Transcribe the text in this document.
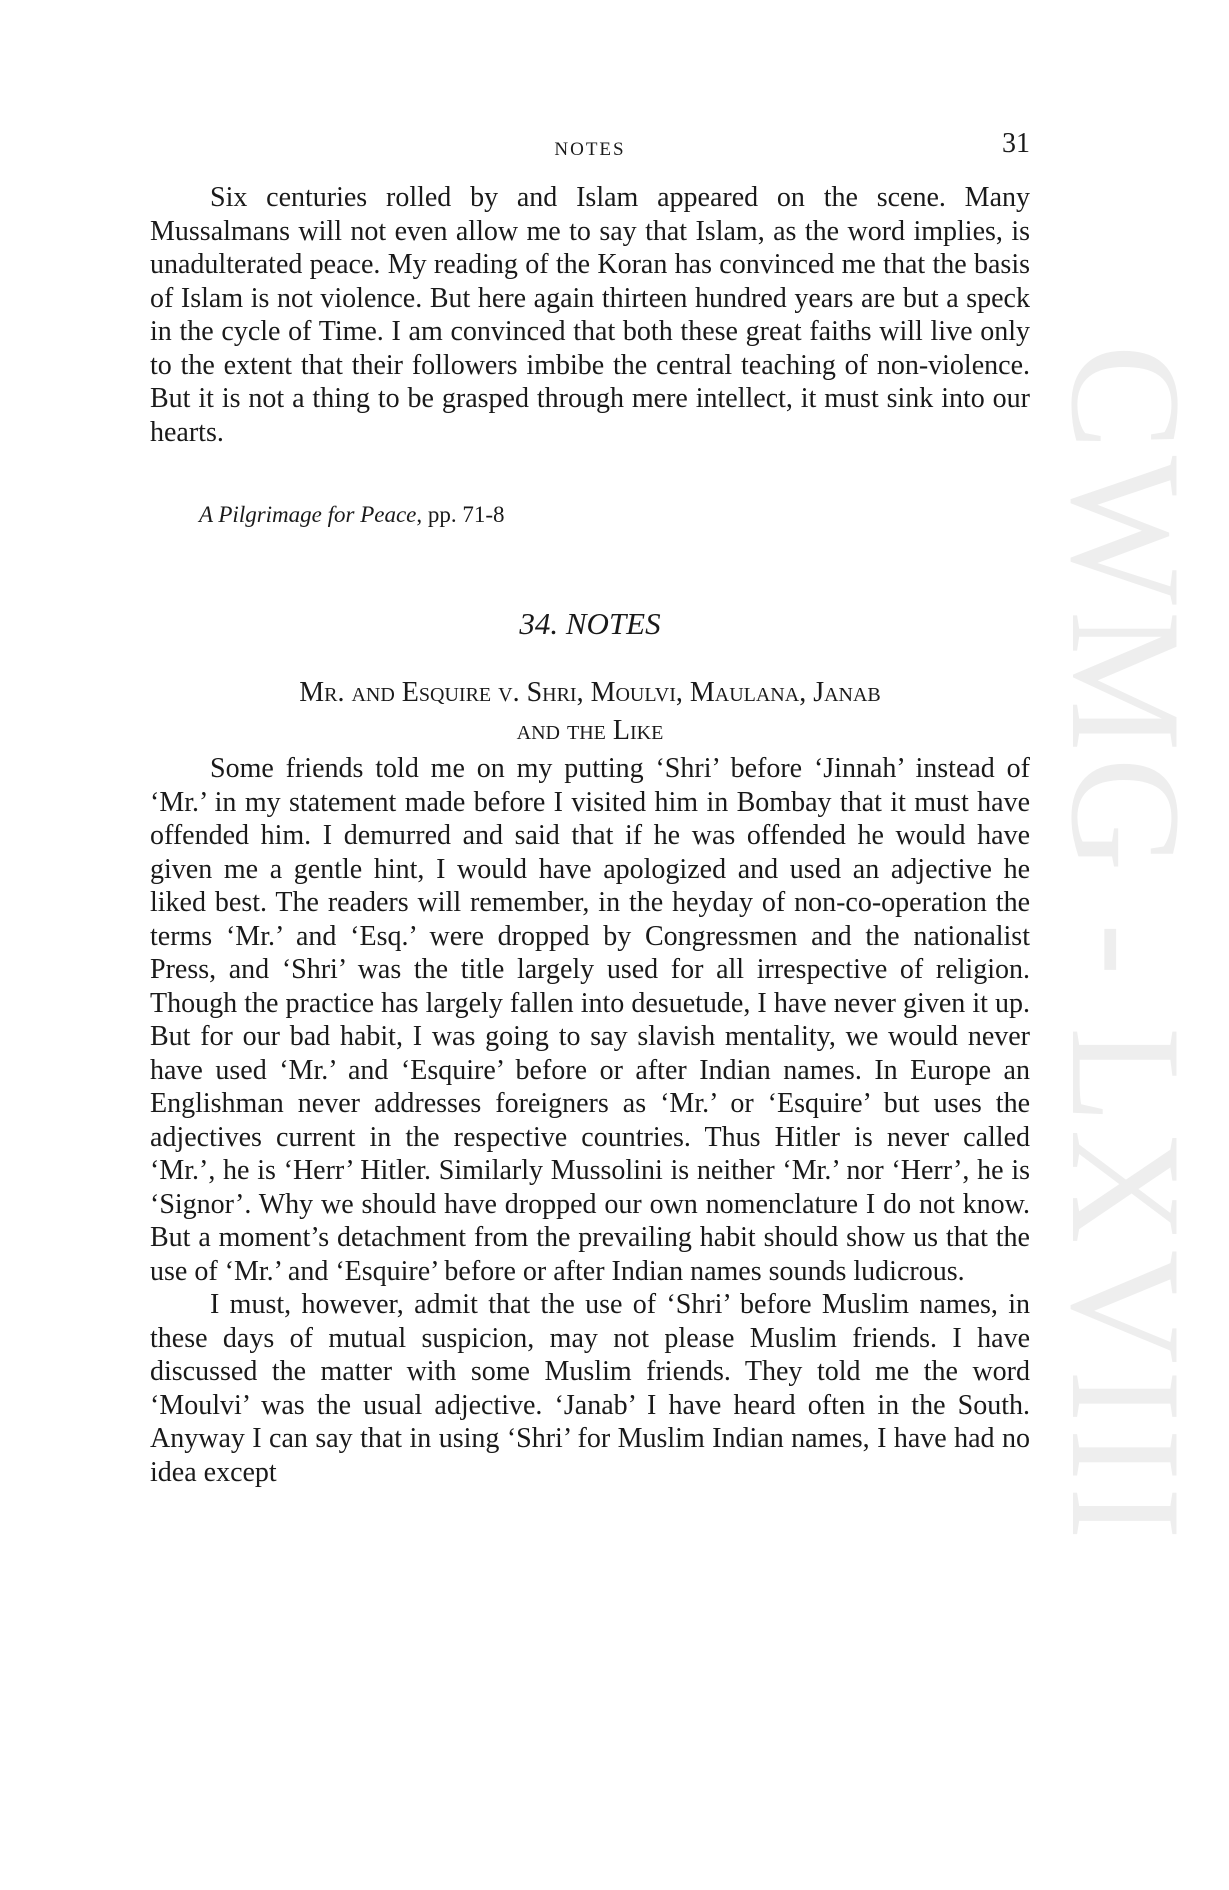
CWMG - LXVIII
NOTES	31

Six centuries rolled by and Islam appeared on the scene. Many Mussalmans will not even allow me to say that Islam, as the word implies, is unadulterated peace. My reading of the Koran has convinced me that the basis of Islam is not violence. But here again thirteen hundred years are but a speck in the cycle of Time. I am convinced that both these great faiths will live only to the extent that their followers imbibe the central teaching of non-violence. But it is not a thing to be grasped through mere intellect, it must sink into our hearts.

A Pilgrimage for Peace, pp. 71-8
34. NOTES
Mr. and Esquire v. Shri, Moulvi, Maulana, Janab
and the Like

Some friends told me on my putting ‘Shri’ before ‘Jinnah’ instead of ‘Mr.’ in my statement made before I visited him in Bombay that it must have offended him. I demurred and said that if he was offended he would have given me a gentle hint, I would have apologized and used an adjective he liked best. The readers will remember, in the heyday of non-co-operation the terms ‘Mr.’ and ‘Esq.’ were dropped by Congressmen and the nationalist Press, and ‘Shri’ was the title largely used for all irrespective of religion. Though the practice has largely fallen into desuetude, I have never given it up. But for our bad habit, I was going to say slavish mentality, we would never have used ‘Mr.’ and ‘Esquire’ before or after Indian names. In Europe an Englishman never addresses foreigners as ‘Mr.’ or ‘Esquire’ but uses the adjectives current in the respective countries. Thus Hitler is never called ‘Mr.’, he is ‘Herr’ Hitler. Similarly Mussolini is neither ‘Mr.’ nor ‘Herr’, he is ‘Signor’. Why we should have dropped our own nomenclature I do not know. But a moment’s detachment from the prevailing habit should show us that the use of ‘Mr.’ and ‘Esquire’ before or after Indian names sounds ludicrous.

I must, however, admit that the use of ‘Shri’ before Muslim names, in these days of mutual suspicion, may not please Muslim friends. I have discussed the matter with some Muslim friends. They told me the word ‘Moulvi’ was the usual adjective. ‘Janab’ I have heard often in the South. Anyway I can say that in using ‘Shri’ for Muslim Indian names, I have had no idea except
